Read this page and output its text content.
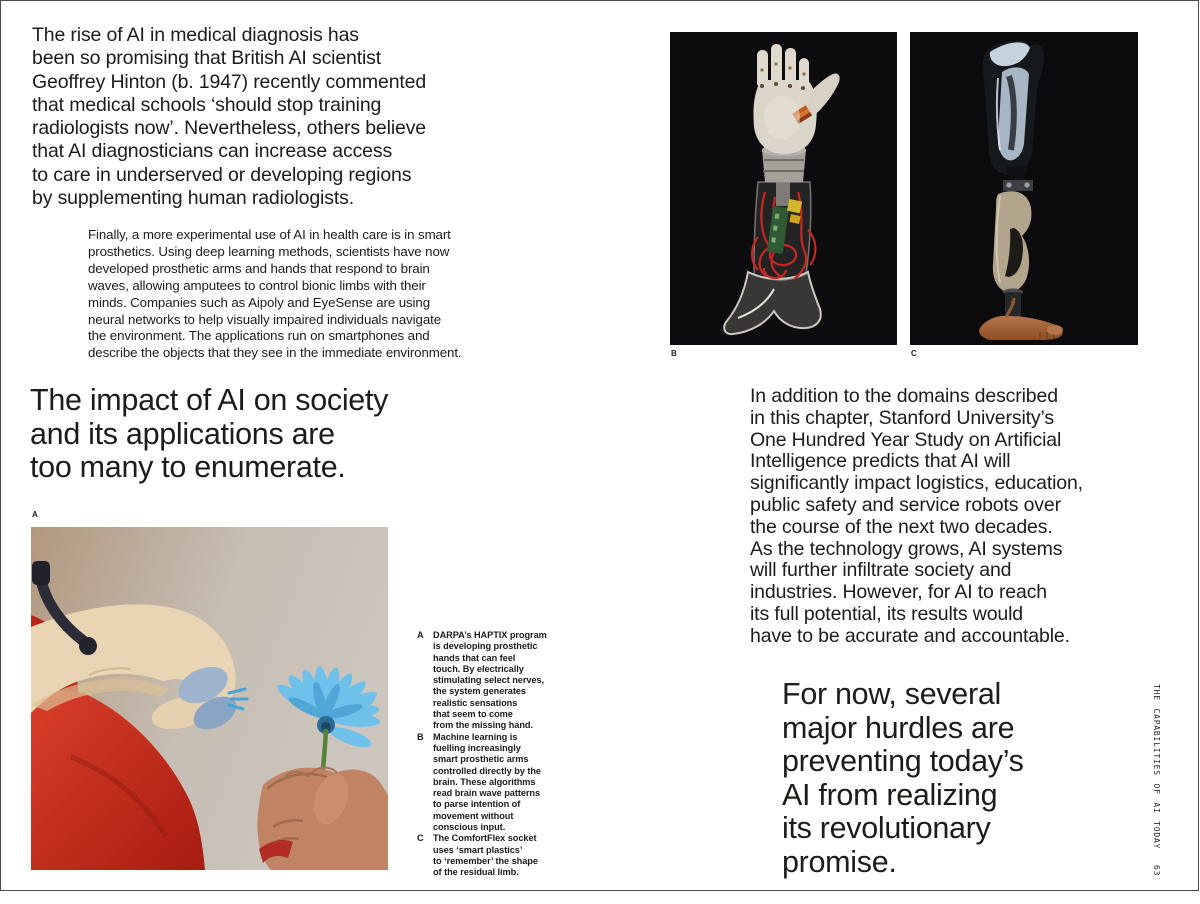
The rise of AI in medical diagnosis has
been so promising that British AI scientist
Geoffrey Hinton (b. 1947) recently commented
that medical schools ‘should stop training
radiologists now’. Nevertheless, others believe
that AI diagnosticians can increase access
to care in underserved or developing regions
by supplementing human radiologists.
Finally, a more experimental use of AI in health care is in smart
prosthetics. Using deep learning methods, scientists have now
developed prosthetic arms and hands that respond to brain
waves, allowing amputees to control bionic limbs with their
minds. Companies such as Aipoly and EyeSense are using
neural networks to help visually impaired individuals navigate
the environment. The applications run on smartphones and
describe the objects that they see in the immediate environment.
The impact of AI on society
and its applications are
too many to enumerate.
A
A	DARPA’s HAPTIX program
is developing prosthetic
hands that can feel
touch. By electrically
stimulating select nerves,
the system generates
realistic sensations
that seem to come
from the missing hand.
B	Machine learning is
fuelling increasingly
smart prosthetic arms
controlled directly by the
brain. These algorithms
read brain wave patterns
to parse intention of
movement without
conscious input.
C	The ComfortFlex socket
uses ‘smart plastics’
to ‘remember’ the shape
of the residual limb.
B	C
In addition to the domains described
in this chapter, Stanford University’s
One Hundred Year Study on Artificial
Intelligence predicts that AI will
significantly impact logistics, education,
public safety and service robots over
the course of the next two decades.
As the technology grows, AI systems
will further infiltrate society and
industries. However, for AI to reach
its full potential, its results would
have to be accurate and accountable.
For now, several
major hurdles are
preventing today’s
AI from realizing
its revolutionary
promise.
THE CAPABILITIES OF AI TODAY
63
